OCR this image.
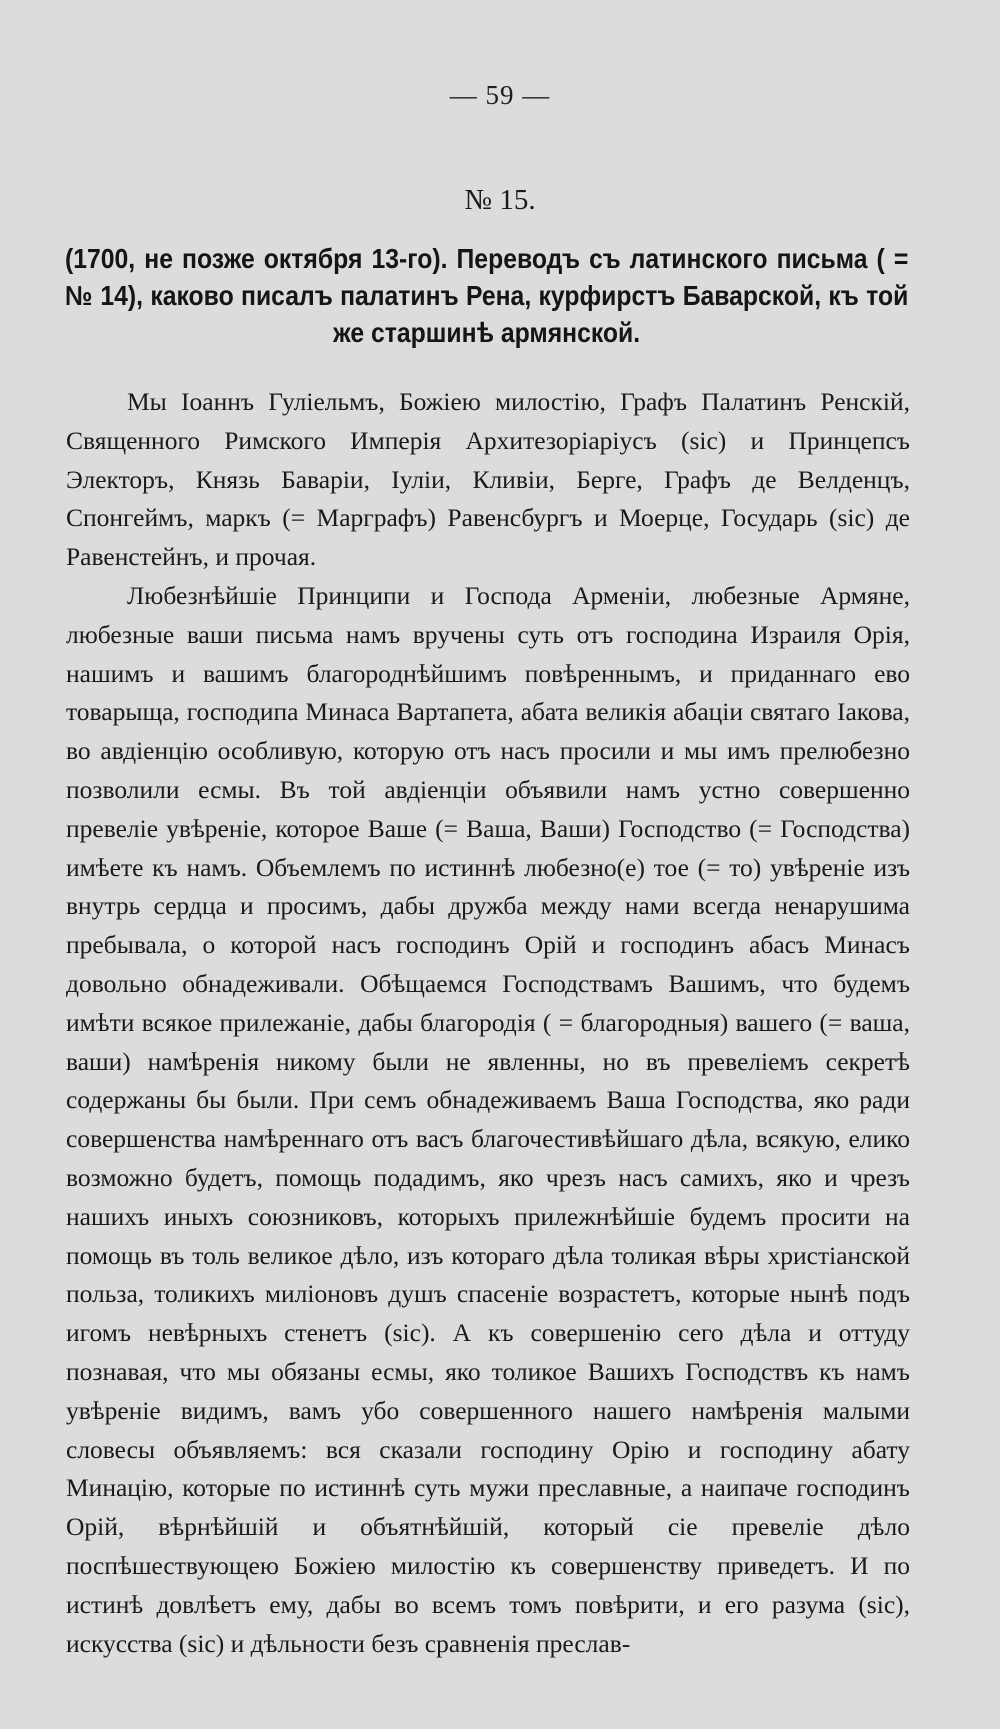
— 59 —
№ 15.
(1700, не позже октября 13-го). Переводъ съ латинского письма ( = № 14), каково писалъ палатинъ Рена, курфирстъ Баварской, къ той же старшинѣ армянской.

Мы Іоаннъ Гуліельмъ, Божіею милостію, Графъ Палатинъ Ренскій, Священного Римского Имперія Архитезоріаріусъ (sic) и Принцепсъ Электоръ, Князь Баваріи, Іуліи, Кливіи, Берге, Графъ де Велденцъ, Спонгеймъ, маркъ (= Маргрaфъ) Равенсбургъ и Моерце, Государь (sic) де Равенстейнъ, и прочая.

Любезнѣйшіе Принципи и Господа Арменіи, любезные Армяне, любезные ваши письма намъ вручены суть отъ господина Израиля Орія, нашимъ и вашимъ благороднѣйшимъ повѣреннымъ, и приданнаго ево товарыща, господипа Минаса Вартапета, абата великія абаціи святаго Іакова, во авдіенцію особливую, которую отъ насъ просили и мы имъ прелюбезно позволили есмы. Въ той авдіенціи объявили намъ устно совершенно превеліе увѣреніе, которое Ваше (= Ваша, Ваши) Господство (= Господства) имѣете къ намъ. Объемлемъ по истиннѣ любезно(е) тое (= то) увѣреніе изъ внутрь сердца и просимъ, дабы дружба между нами всегда ненарушима пребывала, о которой насъ господинъ Орій и господинъ абасъ Минасъ довольно обнадеживали. Обѣщаемся Господствамъ Вашимъ, что будемъ имѣти всякое прилежаніе, дабы благородія ( = благородныя) вашего (= ваша, ваши) намѣренія никому были не явленны, но въ превеліемъ секретѣ содержаны бы были. При семъ обнадеживаемъ Ваша Господства, яко ради совершенства намѣреннаго отъ васъ благочестивѣйшаго дѣла, всякую, елико возможно будетъ, помощь подадимъ, яко чрезъ насъ самихъ, яко и чрезъ нашихъ иныхъ союзниковъ, которыхъ прилежнѣйшіе будемъ просити на помощь въ толь великое дѣло, изъ котораго дѣла толикая вѣры христіанской польза, толикихъ миліоновъ душъ спасеніе возрастетъ, которые нынѣ подъ игомъ невѣрныхъ стенетъ (sic). А къ совершенію сего дѣла и оттуду познавая, что мы обязаны есмы, яко толикое Вашихъ Господствъ къ намъ увѣреніе видимъ, вамъ убо совершенного нашего намѣренія малыми словесы объявляемъ: вся сказали господину Орію и господину абату Минацію, которые по истиннѣ суть мужи преславные, а наипаче господинъ Орій, вѣрнѣйшій и объятнѣйшій, который сіе превеліе дѣло поспѣшествующею Божіею милостію къ совершенству приведетъ. И по истинѣ довлѣетъ ему, дабы во всемъ томъ повѣрити, и его разума (sic), искусства (sic) и дѣльности безъ сравненія преслав-
